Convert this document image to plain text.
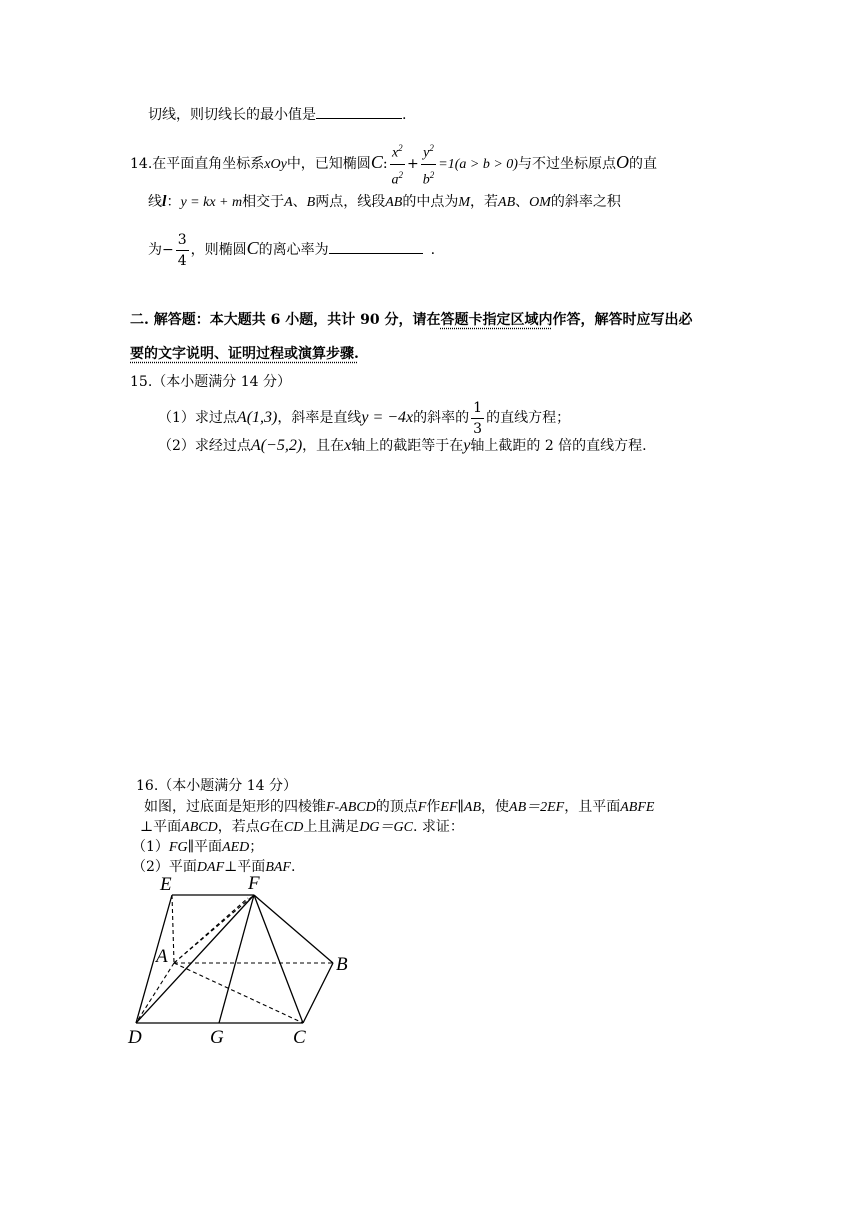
切线，则切线长的最小值是	.
14.在平面直角坐标系xOy中，已知椭圆C: $\frac{x^2}{a^2} + \frac{y^2}{b^2} =1(a > b > 0)$与不过坐标原点O的直
线l：y = kx + m相交于A、B两点，线段AB的中点为M，若AB、OM的斜率之积
为− $\frac{3}{4}$ ，则椭圆C的离心率为	.
二. 解答题：本大题共 6 小题，共计 90 分，请在答题卡指定区域内作答，解答时应写出必
要的文字说明、证明过程或演算步骤.
15.（本小题满分 14 分）
（1）求过点A(1,3)，斜率是直线y = −4x的斜率的 $\frac{1}{3}$ 的直线方程；
（2）求经过点A(−5,2)，且在x轴上的截距等于在y轴上截距的 2 倍的直线方程.
16.（本小题满分 14 分）
如图，过底面是矩形的四棱锥F-ABCD的顶点F作EF∥AB，使AB＝2EF，且平面ABFE
⊥平面ABCD，若点G在CD上且满足DG＝GC. 求证：
（1）FG∥平面AED；
（2）平面DAF⊥平面BAF.
E	F
A	B
D	G	C
